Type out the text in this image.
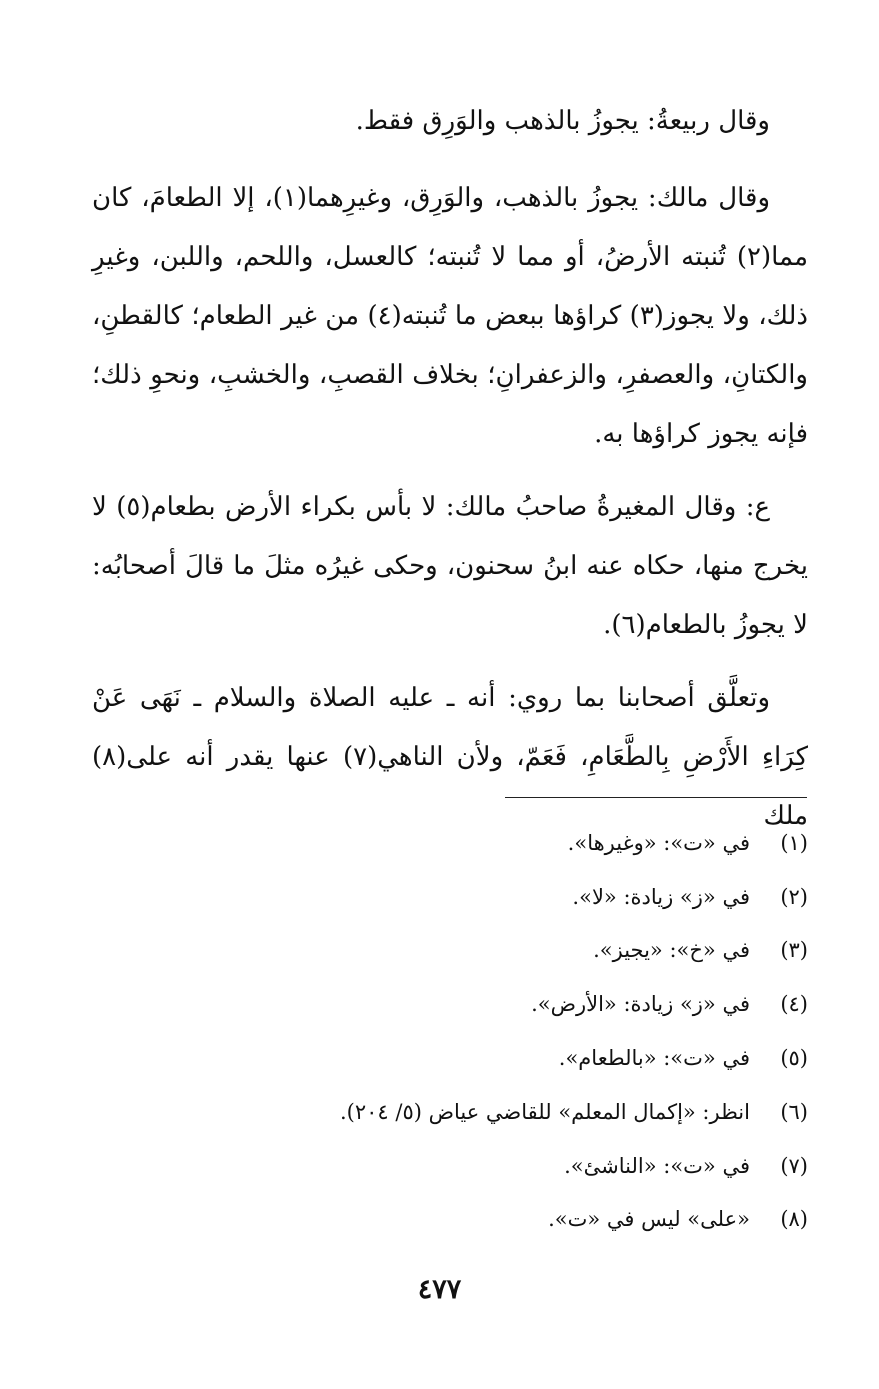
وقال ربيعةُ: يجوزُ بالذهب والوَرِق فقط.

وقال مالك: يجوزُ بالذهب، والوَرِق، وغيرِهما(١)، إلا الطعامَ، كان مما(٢) تُنبته الأرضُ، أو مما لا تُنبته؛ كالعسل، واللحم، واللبن، وغيرِ ذلك، ولا يجوز(٣) كراؤها ببعض ما تُنبته(٤) من غير الطعام؛ كالقطنِ، والكتانِ، والعصفرِ، والزعفرانِ؛ بخلاف القصبِ، والخشبِ، ونحوِ ذلك؛ فإنه يجوز كراؤها به.

ع: وقال المغيرةُ صاحبُ مالك: لا بأس بكراء الأرض بطعام(٥) لا يخرج منها، حكاه عنه ابنُ سحنون، وحكى غيرُه مثلَ ما قالَ أصحابُه: لا يجوزُ بالطعام(٦).

وتعلَّق أصحابنا بما روي: أنه ـ عليه الصلاة والسلام ـ نَهَى عَنْ كِرَاءِ الأَرْضِ بِالطَّعَامِ، فَعَمّ، ولأن الناهي(٧) عنها يقدر أنه على(٨) ملك

(١)
في «ت»: «وغيرها».
(٢)
في «ز» زيادة: «لا».
(٣)
في «خ»: «يجيز».
(٤)
في «ز» زيادة: «الأرض».
(٥)
في «ت»: «بالطعام».
(٦)
انظر: «إكمال المعلم» للقاضي عياض (٥/ ٢٠٤).
(٧)
في «ت»: «الناشئ».
(٨)
«على» ليس في «ت».
٤٧٧
